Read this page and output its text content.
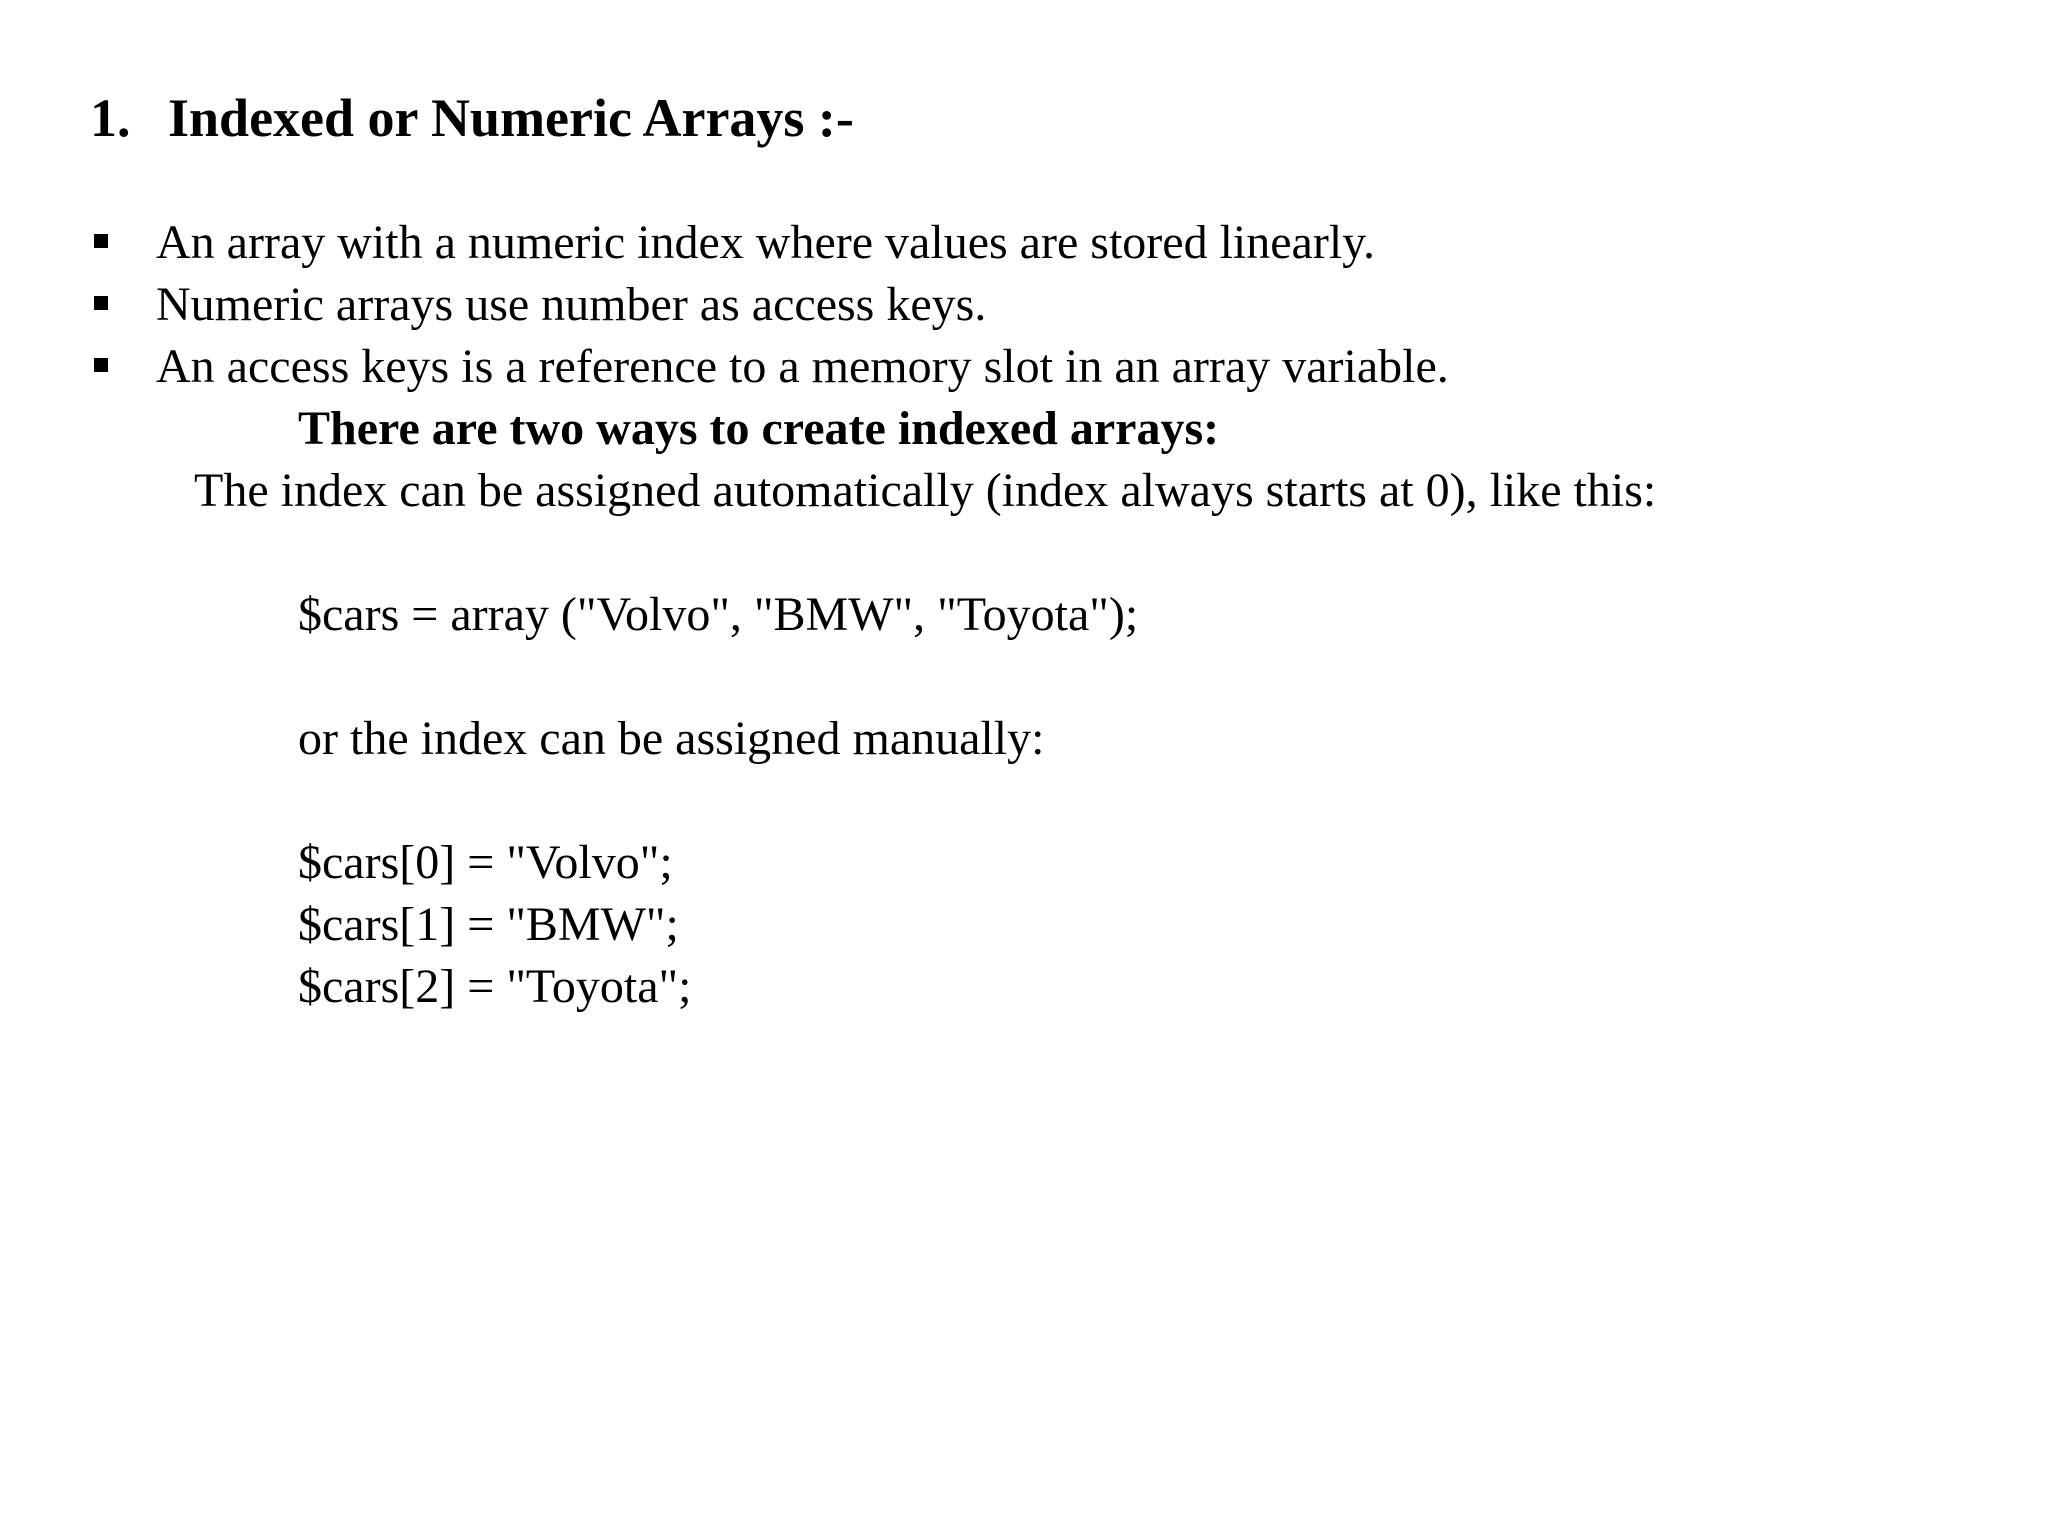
1. Indexed or Numeric Arrays :-
An array with a numeric index where values are stored linearly.
Numeric arrays use number as access keys.
An access keys is a reference to a memory slot in an array variable.
There are two ways to create indexed arrays:
The index can be assigned automatically (index always starts at 0), like this:
$cars = array ("Volvo", "BMW", "Toyota");
or the index can be assigned manually:
$cars[0] = "Volvo";
$cars[1] = "BMW";
$cars[2] = "Toyota";
